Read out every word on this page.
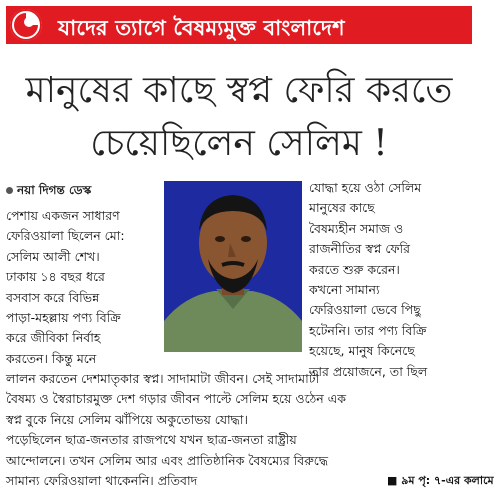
যাদের ত্যাগে বৈষম্যমুক্ত বাংলাদেশ
মানুষের কাছে স্বপ্ন ফেরি করতে
চেয়েছিলেন সেলিম !
নয়া দিগন্ত ডেস্ক
পেশায় একজন সাধারণ
ফেরিওয়ালা ছিলেন মো:
সেলিম আলী শেখ।
ঢাকায় ১৪ বছর ধরে
বসবাস করে বিভিন্ন
পাড়া-মহল্লায় পণ্য বিক্রি
করে জীবিকা নির্বাহ
করতেন। কিন্তু মনে
যোদ্ধা হয়ে ওঠা সেলিম
মানুষের কাছে
বৈষম্যহীন সমাজ ও
রাজনীতির স্বপ্ন ফেরি
করতে শুরু করেন।
কখনো সামান্য
ফেরিওয়ালা ভেবে পিছু
হটেননি। তার পণ্য বিক্রি
হয়েছে, মানুষ কিনেছে
তার প্রয়োজনে, তা ছিল
লালন করতেন দেশমাতৃকার স্বপ্ন। সাদামাটা জীবন। সেই সাদামাটা
বৈষম্য ও স্বৈরাচারমুক্ত দেশ গড়ার জীবন পাল্টে সেলিম হয়ে ওঠেন এক
স্বপ্ন বুকে নিয়ে সেলিম ঝাঁপিয়ে অকুতোভয় যোদ্ধা।
পড়েছিলেন ছাত্র-জনতার রাজপথে যখন ছাত্র-জনতা রাষ্ট্রীয়
আন্দোলনে। তখন সেলিম আর এবং প্রাতিষ্ঠানিক বৈষম্যের বিরুদ্ধে
সামান্য ফেরিওয়ালা থাকেননি। প্রতিবাদ	■ ৯ম পৃ: ৭-এর কলামে
